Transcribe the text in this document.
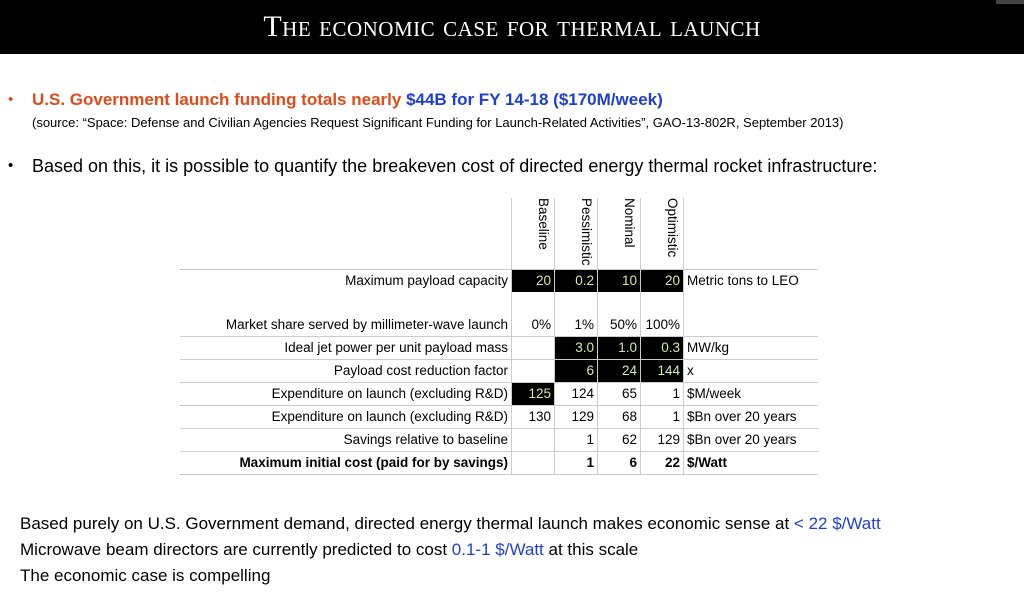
The economic case for thermal launch
• U.S. Government launch funding totals nearly $44B for FY 14-18 ($170M/week)
(source: “Space: Defense and Civilian Agencies Request Significant Funding for Launch-Related Activities”, GAO-13-802R, September 2013)
• Based on this, it is possible to quantify the breakeven cost of directed energy thermal rocket infrastructure:
	Baseline	Pessimistic	Nominal	Optimistic	
Maximum payload capacity	20	0.2	10	20	Metric tons to LEO

Market share served by millimeter-wave launch	0%	1%	50%	100%	
Ideal jet power per unit payload mass		3.0	1.0	0.3	MW/kg
Payload cost reduction factor		6	24	144	x
Expenditure on launch (excluding R&D)	125	124	65	1	$M/week
Expenditure on launch (excluding R&D)	130	129	68	1	$Bn over 20 years
Savings relative to baseline		1	62	129	$Bn over 20 years
Maximum initial cost (paid for by savings)		1	6	22	$/Watt
Based purely on U.S. Government demand, directed energy thermal launch makes economic sense at < 22 $/Watt
Microwave beam directors are currently predicted to cost 0.1-1 $/Watt at this scale
The economic case is compelling
